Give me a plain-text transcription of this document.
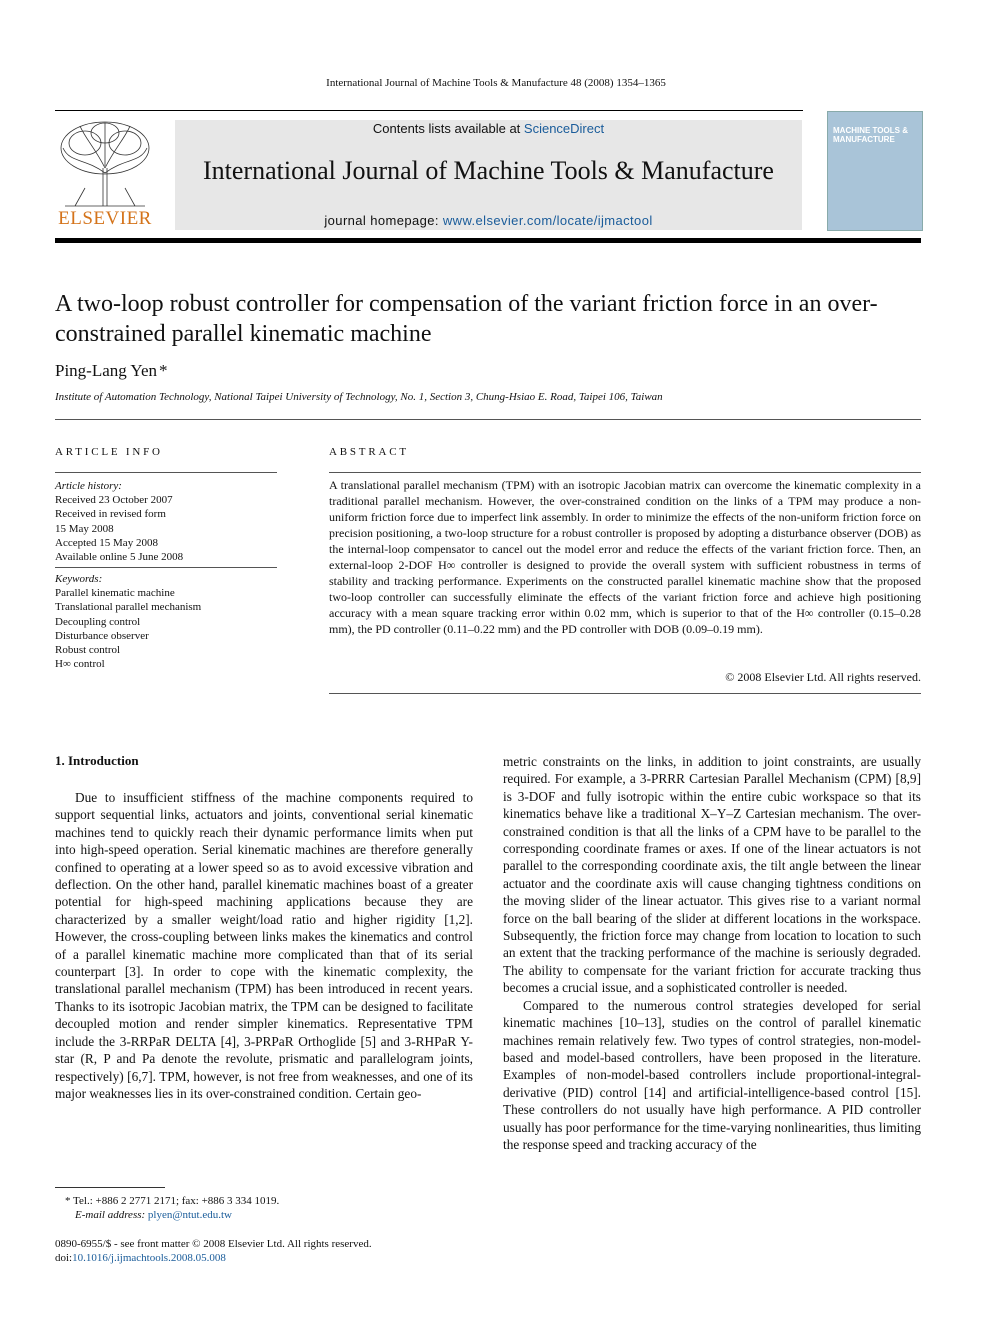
International Journal of Machine Tools & Manufacture 48 (2008) 1354–1365
ELSEVIER
Contents lists available at ScienceDirect
International Journal of Machine Tools & Manufacture
journal homepage: www.elsevier.com/locate/ijmactool
MACHINE TOOLS & MANUFACTURE
A two-loop robust controller for compensation of the variant friction force in an over-constrained parallel kinematic machine
Ping-Lang Yen *
Institute of Automation Technology, National Taipei University of Technology, No. 1, Section 3, Chung-Hsiao E. Road, Taipei 106, Taiwan
ARTICLE INFO
Article history:
Received 23 October 2007
Received in revised form
15 May 2008
Accepted 15 May 2008
Available online 5 June 2008
Keywords:
Parallel kinematic machine
Translational parallel mechanism
Decoupling control
Disturbance observer
Robust control
H∞ control
ABSTRACT
A translational parallel mechanism (TPM) with an isotropic Jacobian matrix can overcome the kinematic complexity in a traditional parallel mechanism. However, the over-constrained condition on the links of a TPM may produce a non-uniform friction force due to imperfect link assembly. In order to minimize the effects of the non-uniform friction force on precision positioning, a two-loop structure for a robust controller is proposed by adopting a disturbance observer (DOB) as the internal-loop compensator to cancel out the model error and reduce the effects of the variant friction force. Then, an external-loop 2-DOF H∞ controller is designed to provide the overall system with sufficient robustness in terms of stability and tracking performance. Experiments on the constructed parallel kinematic machine show that the proposed two-loop controller can successfully eliminate the effects of the variant friction force and achieve high positioning accuracy with a mean square tracking error within 0.02 mm, which is superior to that of the H∞ controller (0.15–0.28 mm), the PD controller (0.11–0.22 mm) and the PD controller with DOB (0.09–0.19 mm).
© 2008 Elsevier Ltd. All rights reserved.
1. Introduction

Due to insufficient stiffness of the machine components required to support sequential links, actuators and joints, conventional serial kinematic machines tend to quickly reach their dynamic performance limits when put into high-speed operation. Serial kinematic machines are therefore generally confined to operating at a lower speed so as to avoid excessive vibration and deflection. On the other hand, parallel kinematic machines boast of a greater potential for high-speed machining applications because they are characterized by a smaller weight/load ratio and higher rigidity [1,2]. However, the cross-coupling between links makes the kinematics and control of a parallel kinematic machine more complicated than that of its serial counterpart [3]. In order to cope with the kinematic complexity, the translational parallel mechanism (TPM) has been introduced in recent years. Thanks to its isotropic Jacobian matrix, the TPM can be designed to facilitate decoupled motion and render simpler kinematics. Representative TPM include the 3-RRPaR DELTA [4], 3-PRPaR Orthoglide [5] and 3-RHPaR Y-star (R, P and Pa denote the revolute, prismatic and parallelogram joints, respectively) [6,7]. TPM, however, is not free from weaknesses, and one of its major weaknesses lies in its over-constrained condition. Certain geo-

metric constraints on the links, in addition to joint constraints, are usually required. For example, a 3-PRRR Cartesian Parallel Mechanism (CPM) [8,9] is 3-DOF and fully isotropic within the entire cubic workspace so that its kinematics behave like a traditional X–Y–Z Cartesian mechanism. The over-constrained condition is that all the links of a CPM have to be parallel to the corresponding coordinate frames or axes. If one of the linear actuators is not parallel to the corresponding coordinate axis, the tilt angle between the linear actuator and the coordinate axis will cause changing tightness conditions on the moving slider of the linear actuator. This gives rise to a variant normal force on the ball bearing of the slider at different locations in the workspace. Subsequently, the friction force may change from location to location to such an extent that the tracking performance of the machine is seriously degraded. The ability to compensate for the variant friction for accurate tracking thus becomes a crucial issue, and a sophisticated controller is needed.

Compared to the numerous control strategies developed for serial kinematic machines [10–13], studies on the control of parallel kinematic machines remain relatively few. Two types of control strategies, non-model-based and model-based controllers, have been proposed in the literature. Examples of non-model-based controllers include proportional-integral-derivative (PID) control [14] and artificial-intelligence-based control [15]. These controllers do not usually have high performance. A PID controller usually has poor performance for the time-varying nonlinearities, thus limiting the response speed and tracking accuracy of the

* Tel.: +886 2 2771 2171; fax: +886 3 334 1019.
E-mail address: plyen@ntut.edu.tw
0890-6955/$ - see front matter © 2008 Elsevier Ltd. All rights reserved.
doi:10.1016/j.ijmachtools.2008.05.008
